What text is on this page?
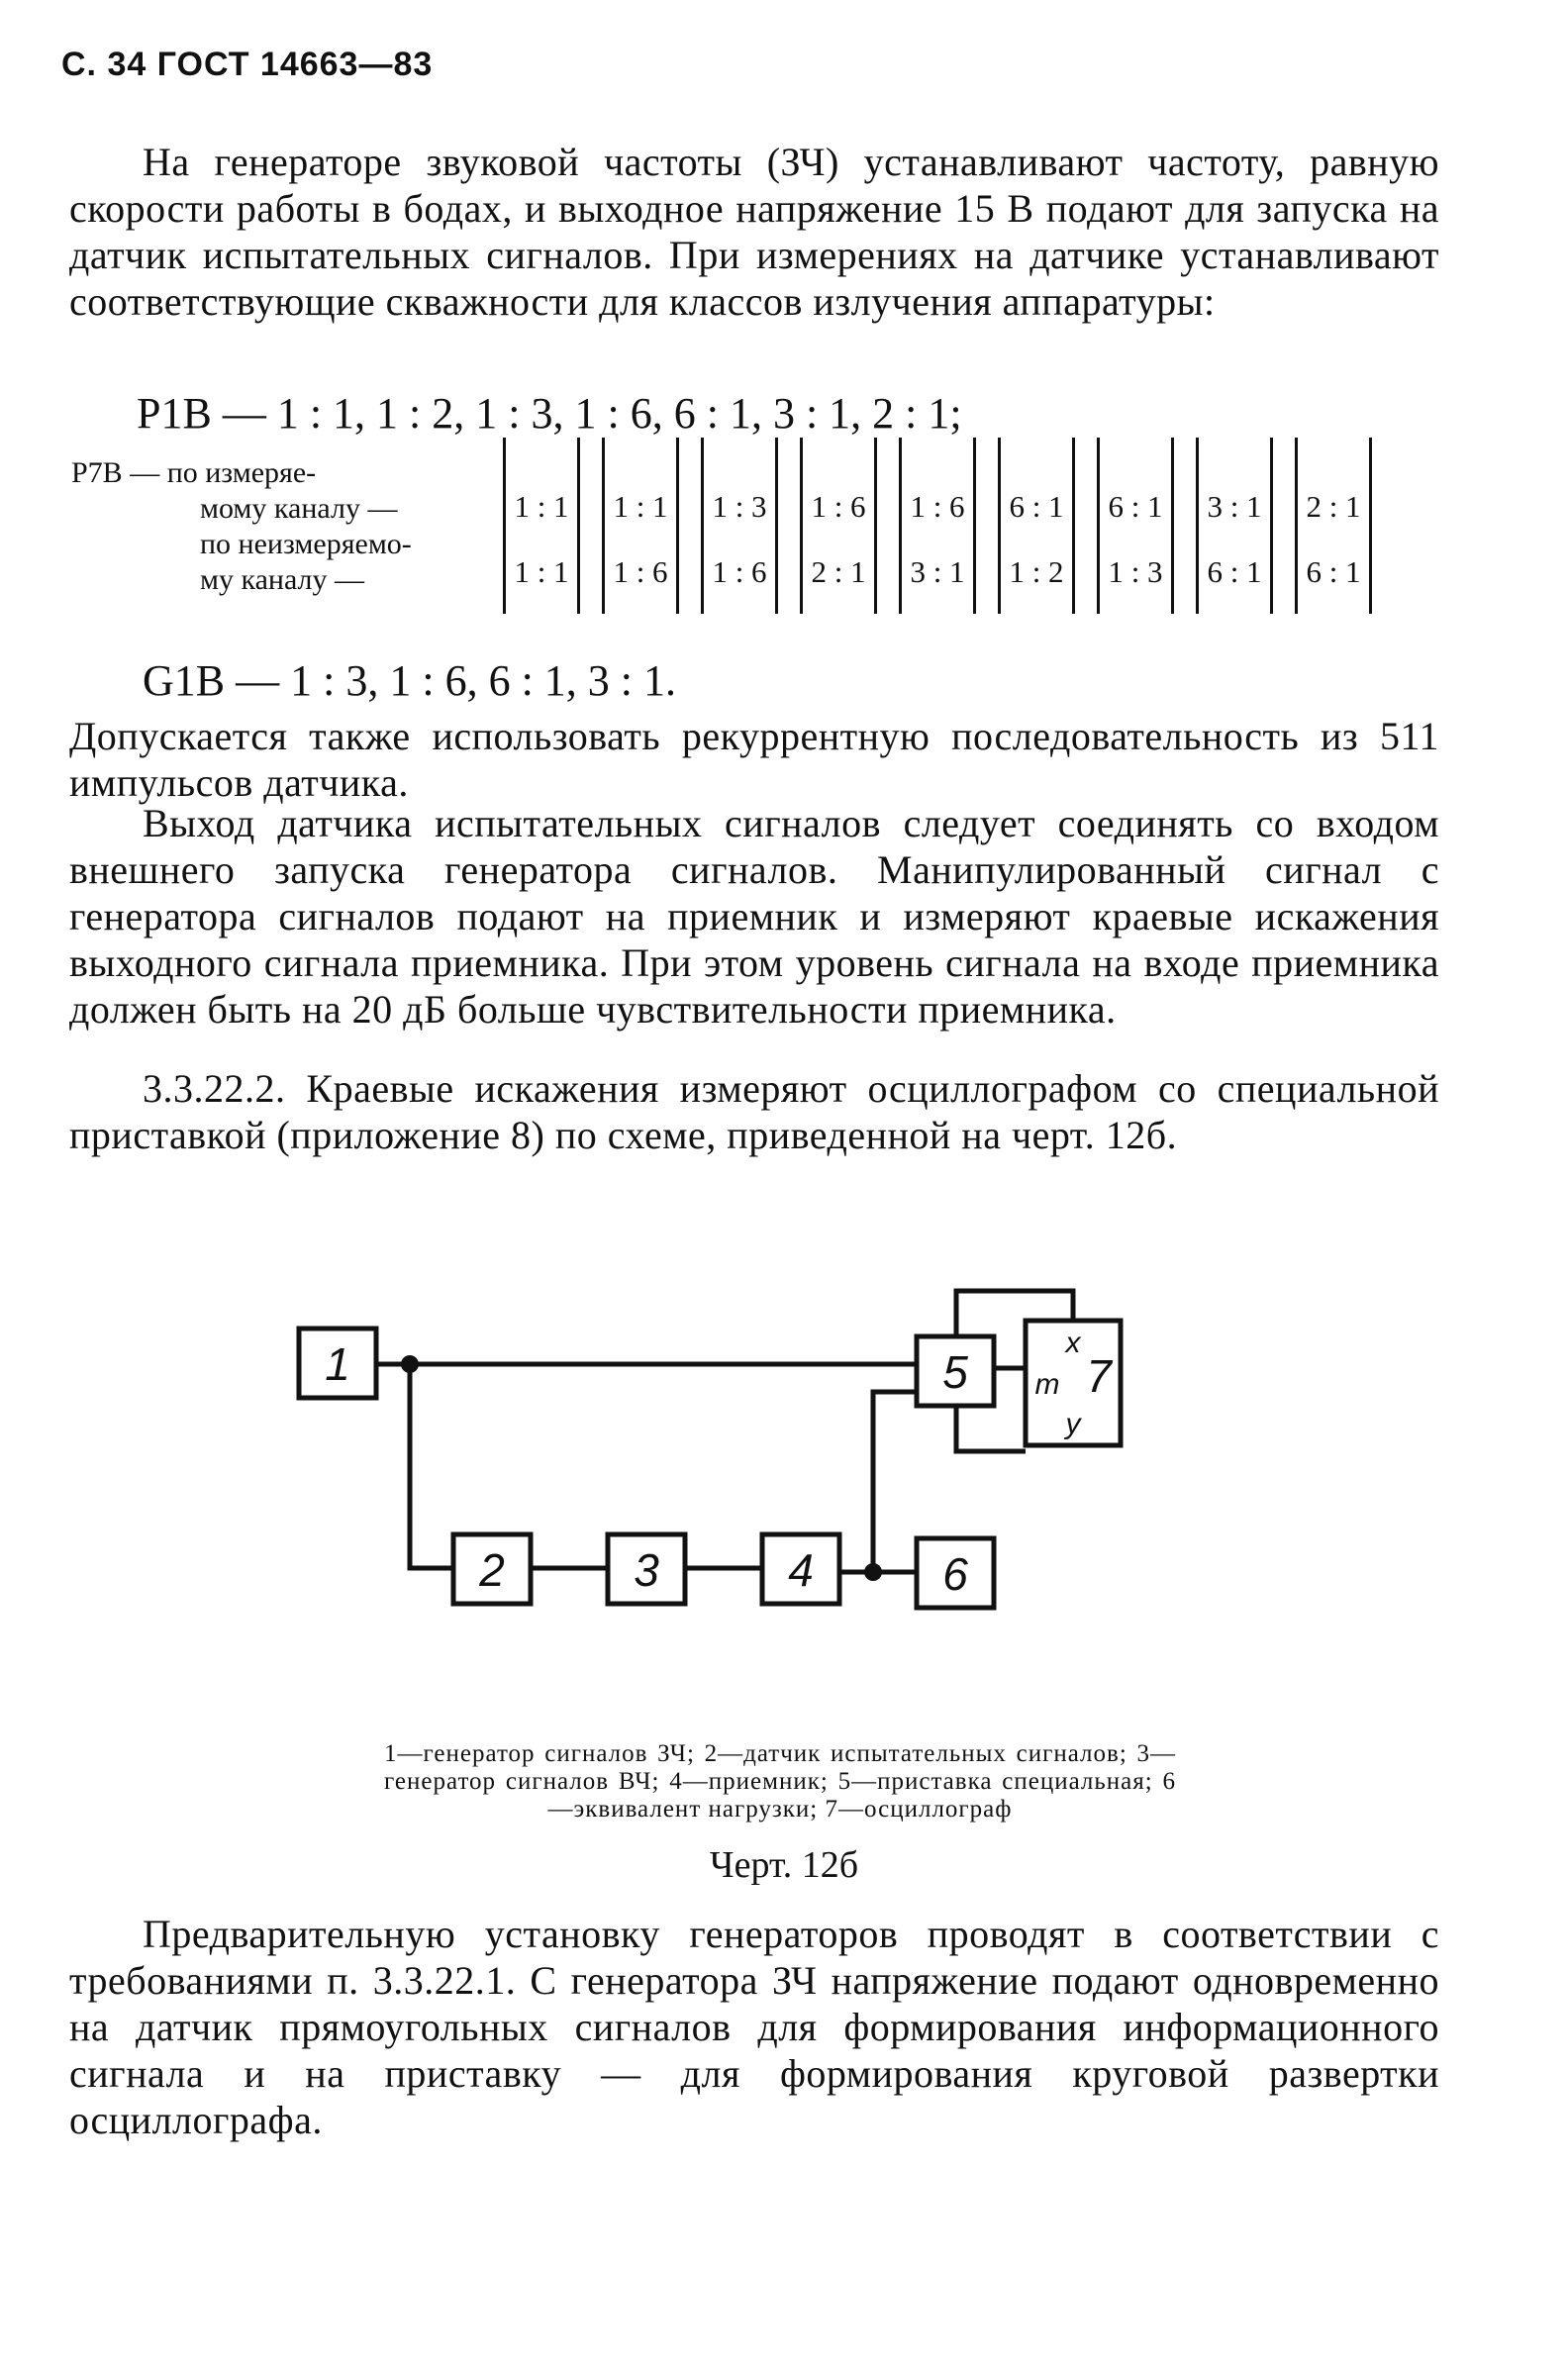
С. 34 ГОСТ 14663—83

На генераторе звуковой частоты (ЗЧ) устанавливают частоту, равную скорости работы в бодах, и выходное напряжение 15 В подают для запуска на датчик испытательных сигналов. При измерениях на датчике устанавливают соответствующие скважности для классов излучения аппаратуры:

P1B — 1 : 1, 1 : 2, 1 : 3, 1 : 6, 6 : 1, 3 : 1, 2 : 1;
P7B — по измеряе-
мому каналу —
по неизмеряемо-
му каналу —
1 : 1
1 : 1
1 : 1
1 : 6
1 : 3
1 : 6
1 : 6
2 : 1
1 : 6
3 : 1
6 : 1
1 : 2
6 : 1
1 : 3
3 : 1
6 : 1
2 : 1
6 : 1
G1B — 1 : 3, 1 : 6, 6 : 1, 3 : 1.

Допускается также использовать рекуррентную последовательность из 511 импульсов датчика.

Выход датчика испытательных сигналов следует соединять со входом внешнего запуска генератора сигналов. Манипулированный сигнал с генератора сигналов подают на приемник и измеряют краевые искажения выходного сигнала приемника. При этом уровень сигнала на входе приемника должен быть на 20 дБ больше чувствительности приемника.

3.3.22.2. Краевые искажения измеряют осциллографом со специальной приставкой (приложение 8) по схеме, приведенной на черт. 12б.

1
2	3	4
5
6
7
x
m
y
1—генератор сигналов ЗЧ; 2—датчик испытательных сигналов; 3—генератор сигналов ВЧ; 4—приемник; 5—приставка специальная; 6—эквивалент нагрузки; 7—осциллограф
Черт. 12б

Предварительную установку генераторов проводят в соответствии с требованиями п. 3.3.22.1. С генератора ЗЧ напряжение подают одновременно на датчик прямоугольных сигналов для формирования информационного сигнала и на приставку — для формирования круговой развертки осциллографа.
